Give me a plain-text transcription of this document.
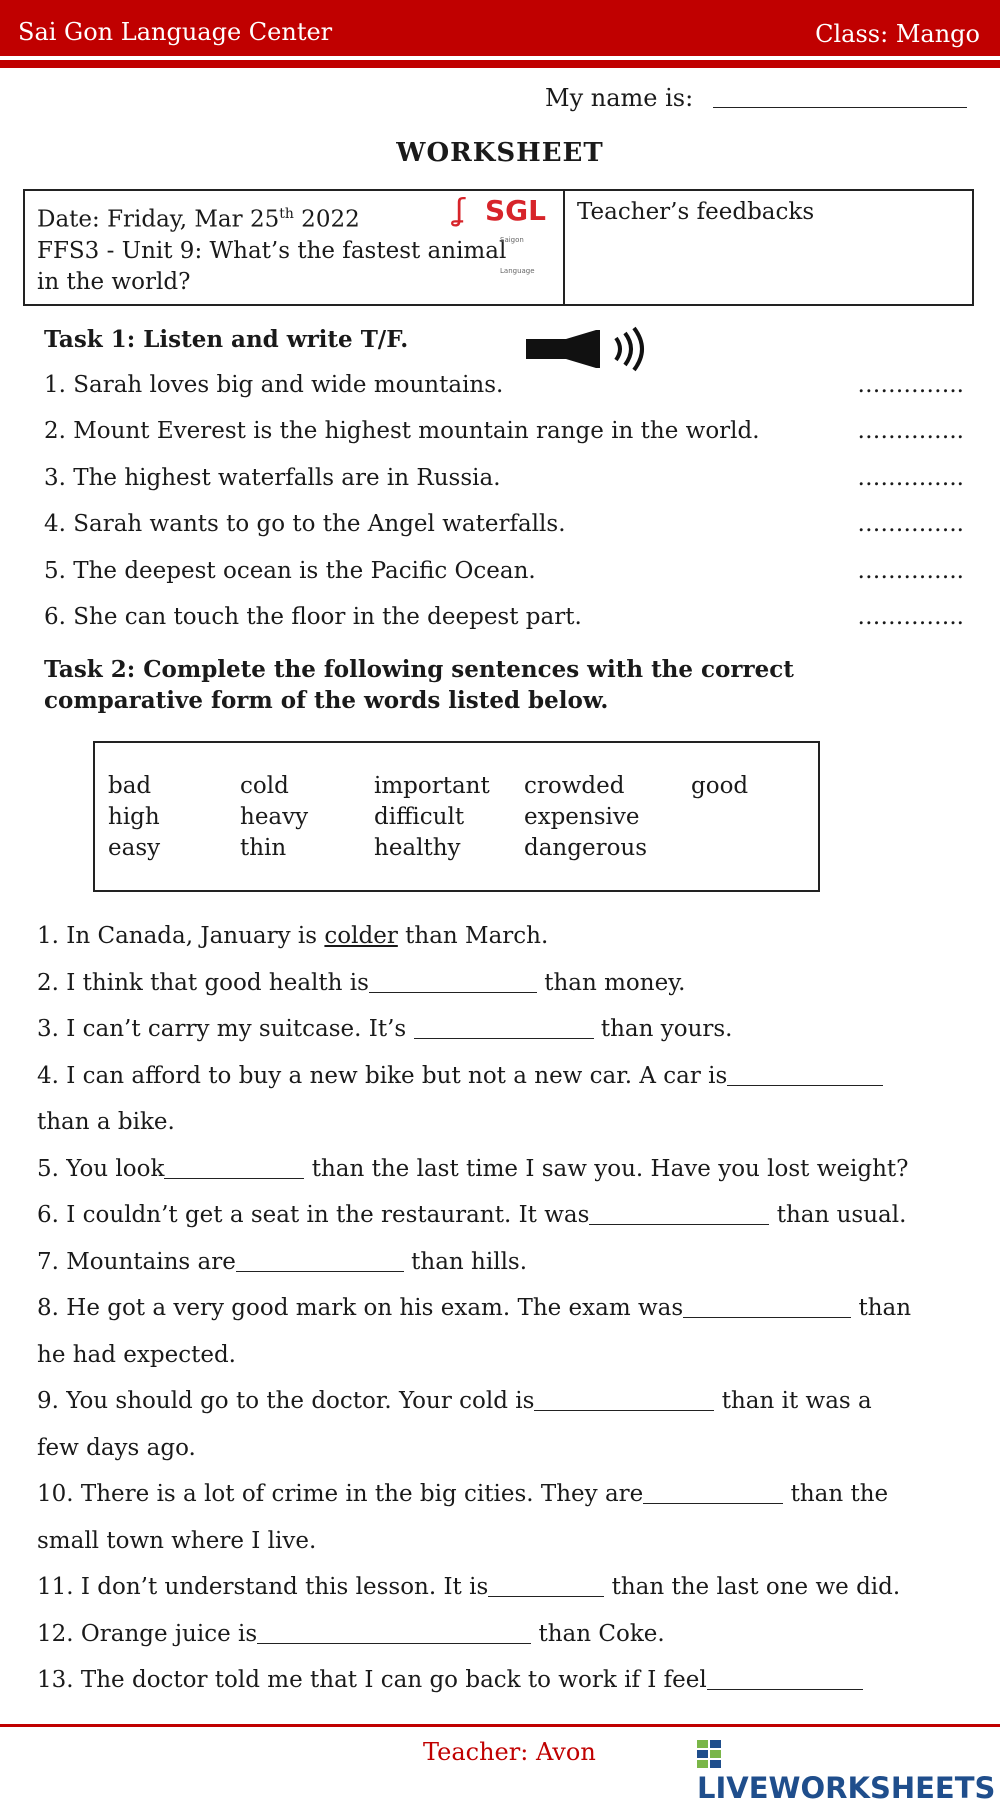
Sai Gon Language Center	Class: Mango
My name is:
WORKSHEET
Date: Friday, Mar 25th 2022
FFS3 - Unit 9: What’s the fastest animal
in the world?
ʆ SGL
Saigon Language
Teacher’s feedbacks
Task 1: Listen and write T/F.
1. Sarah loves big and wide mountains.	…………..
2. Mount Everest is the highest mountain range in the world.	…………..
3. The highest waterfalls are in Russia.	…………..
4. Sarah wants to go to the Angel waterfalls.	…………..
5. The deepest ocean is the Pacific Ocean.	…………..
6. She can touch the floor in the deepest part.	…………..
Task 2: Complete the following sentences with the correct
comparative form of the words listed below.
bad	cold	important crowded	good
high	heavy	difficult	expensive
easy	thin	healthy	dangerous
1. In Canada, January is colder than March.
2. I think that good health is	than money.
3. I can’t carry my suitcase. It’s	than yours.
4. I can afford to buy a new bike but not a new car. A car is
than a bike.
5. You look	than the last time I saw you. Have you lost weight?
6. I couldn’t get a seat in the restaurant. It was	than usual.
7. Mountains are	than hills.
8. He got a very good mark on his exam. The exam was	than
he had expected.
9. You should go to the doctor. Your cold is	than it was a
few days ago.
10. There is a lot of crime in the big cities. They are	than the
small town where I live.
11. I don’t understand this lesson. It is	than the last one we did.
12. Orange juice is	than Coke.
13. The doctor told me that I can go back to work if I feel
Teacher: Avon
LIVEWORKSHEETS
